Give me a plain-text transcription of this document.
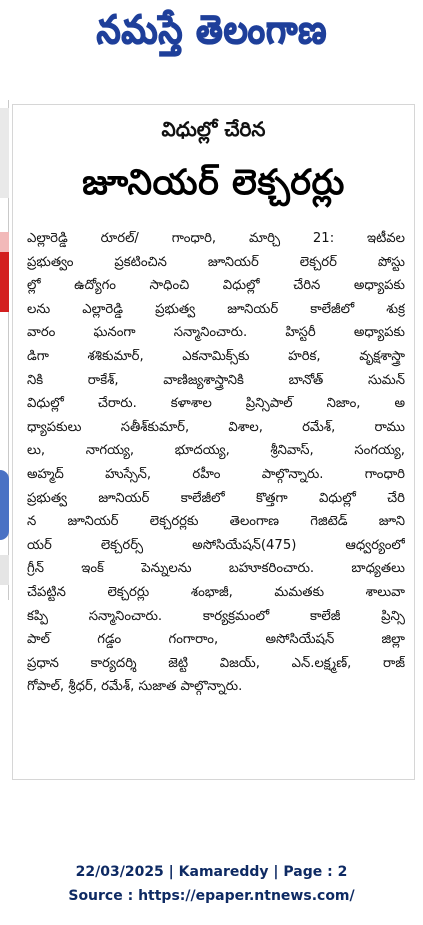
నమస్తే తెలంగాణ
విధుల్లో చేరిన
జూనియర్ లెక్చరర్లు
ఎల్లారెడ్డి రూరల్/ గాంధారి, మార్చి 21: ఇటీవల
ప్రభుత్వం ప్రకటించిన జూనియర్ లెక్చరర్ పోస్టు
ల్లో ఉద్యోగం సాధించి విధుల్లో చేరిన అధ్యాపకు
లను ఎల్లారెడ్డి ప్రభుత్వ జూనియర్ కాలేజీలో శుక్ర
వారం ఘనంగా సన్మానించారు. హిస్టరీ అధ్యాపకు
డిగా శశికుమార్, ఎకనామిక్స్‌కు హరిక, వృక్షశాస్త్రా
నికి రాకేశ్, వాణిజ్యశాస్త్రానికి బానోత్ సుమన్
విధుల్లో చేరారు. కళాశాల ప్రిన్సిపాల్ నిజాం, అ
ధ్యాపకులు సతీశ్‌కుమార్, విశాల, రమేశ్, రాము
లు, నాగయ్య, భూదయ్య, శ్రీనివాస్, సంగయ్య,
అహ్మద్ హుస్సేన్, రహీం పాల్గొన్నారు. గాంధారి
ప్రభుత్వ జూనియర్ కాలేజీలో కొత్తగా విధుల్లో చేరి
న జూనియర్ లెక్చరర్లకు తెలంగాణ గెజిటెడ్ జూని
యర్ లెక్చరర్స్ అసోసియేషన్(475) ఆధ్వర్యంలో
గ్రీన్ ఇంక్ పెన్నులను బహూకరించారు. బాధ్యతలు
చేపట్టిన లెక్చరర్లు శంభాజీ, మమతకు శాలువా
కప్పి సన్మానించారు. కార్యక్రమంలో కాలేజీ ప్రిన్సి
పాల్ గడ్డం గంగారాం, అసోసియేషన్ జిల్లా
ప్రధాన కార్యదర్శి జెట్టి విజయ్, ఎన్.లక్ష్మణ్, రాజ్
గోపాల్, శ్రీధర్, రమేశ్, సుజాత పాల్గొన్నారు.
22/03/2025 | Kamareddy | Page : 2
Source : https://epaper.ntnews.com/
